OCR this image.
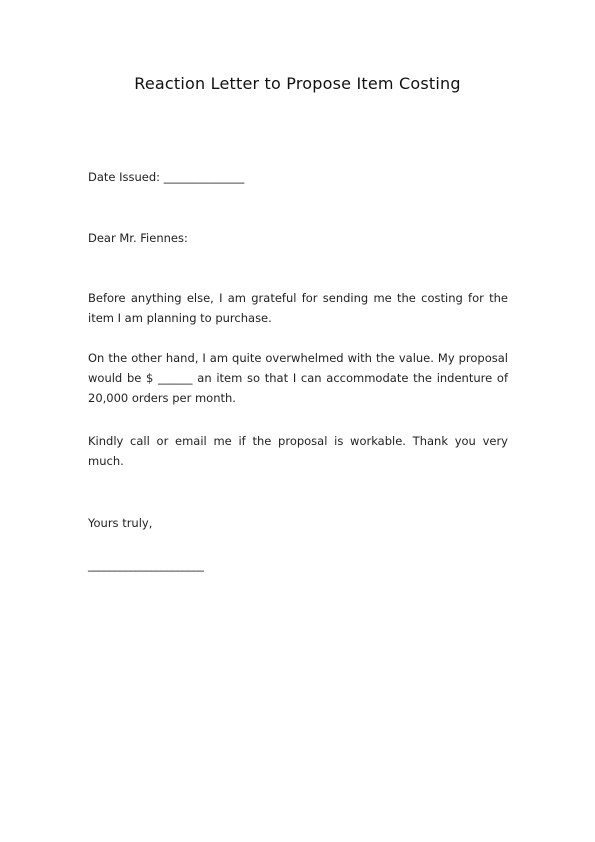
Reaction Letter to Propose Item Costing

Date Issued: ______________

Dear Mr. Fiennes:

Before anything else, I am grateful for sending me the costing for the item I am planning to purchase.

On the other hand, I am quite overwhelmed with the value. My proposal would be $ ______ an item so that I can accommodate the indenture of 20,000 orders per month.

Kindly call or email me if the proposal is workable. Thank you very much.

Yours truly,

______________________
